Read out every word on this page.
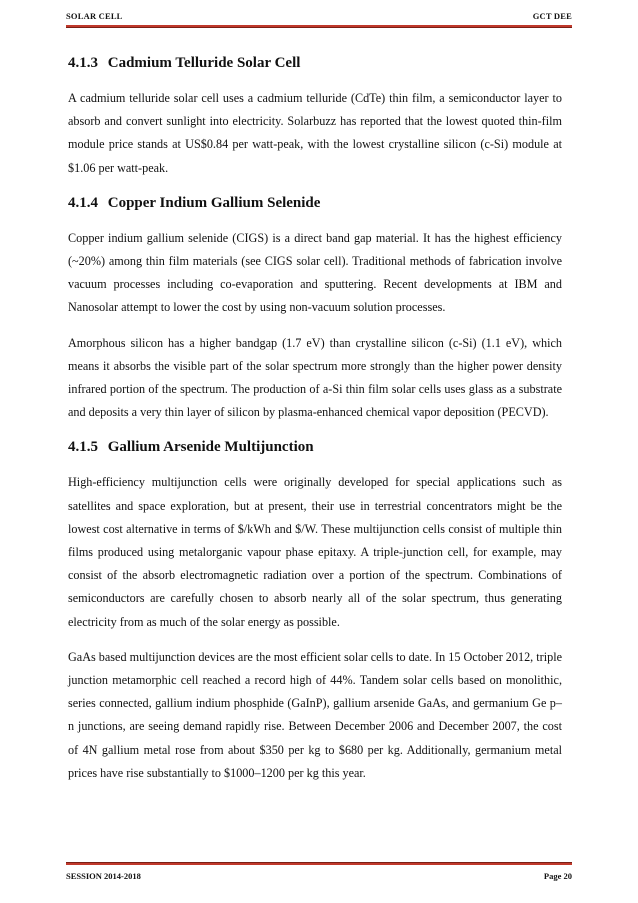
SOLAR CELL	GCT DEE
4.1.3 Cadmium Telluride Solar Cell

A cadmium telluride solar cell uses a cadmium telluride (CdTe) thin film, a semiconductor layer to absorb and convert sunlight into electricity. Solarbuzz has reported that the lowest quoted thin-film module price stands at US$0.84 per watt-peak, with the lowest crystalline silicon (c-Si) module at $1.06 per watt-peak.

4.1.4 Copper Indium Gallium Selenide

Copper indium gallium selenide (CIGS) is a direct band gap material. It has the highest efficiency (~20%) among thin film materials (see CIGS solar cell). Traditional methods of fabrication involve vacuum processes including co-evaporation and sputtering. Recent developments at IBM and Nanosolar attempt to lower the cost by using non-vacuum solution processes.

Amorphous silicon has a higher bandgap (1.7 eV) than crystalline silicon (c-Si) (1.1 eV), which means it absorbs the visible part of the solar spectrum more strongly than the higher power density infrared portion of the spectrum. The production of a-Si thin film solar cells uses glass as a substrate and deposits a very thin layer of silicon by plasma-enhanced chemical vapor deposition (PECVD).

4.1.5 Gallium Arsenide Multijunction

High-efficiency multijunction cells were originally developed for special applications such as satellites and space exploration, but at present, their use in terrestrial concentrators might be the lowest cost alternative in terms of $/kWh and $/W. These multijunction cells consist of multiple thin films produced using metalorganic vapour phase epitaxy. A triple-junction cell, for example, may consist of the absorb electromagnetic radiation over a portion of the spectrum. Combinations of semiconductors are carefully chosen to absorb nearly all of the solar spectrum, thus generating electricity from as much of the solar energy as possible.

GaAs based multijunction devices are the most efficient solar cells to date. In 15 October 2012, triple junction metamorphic cell reached a record high of 44%. Tandem solar cells based on monolithic, series connected, gallium indium phosphide (GaInP), gallium arsenide GaAs, and germanium Ge p–n junctions, are seeing demand rapidly rise. Between December 2006 and December 2007, the cost of 4N gallium metal rose from about $350 per kg to $680 per kg. Additionally, germanium metal prices have rise substantially to $1000–1200 per kg this year.

SESSION 2014-2018	Page 20
